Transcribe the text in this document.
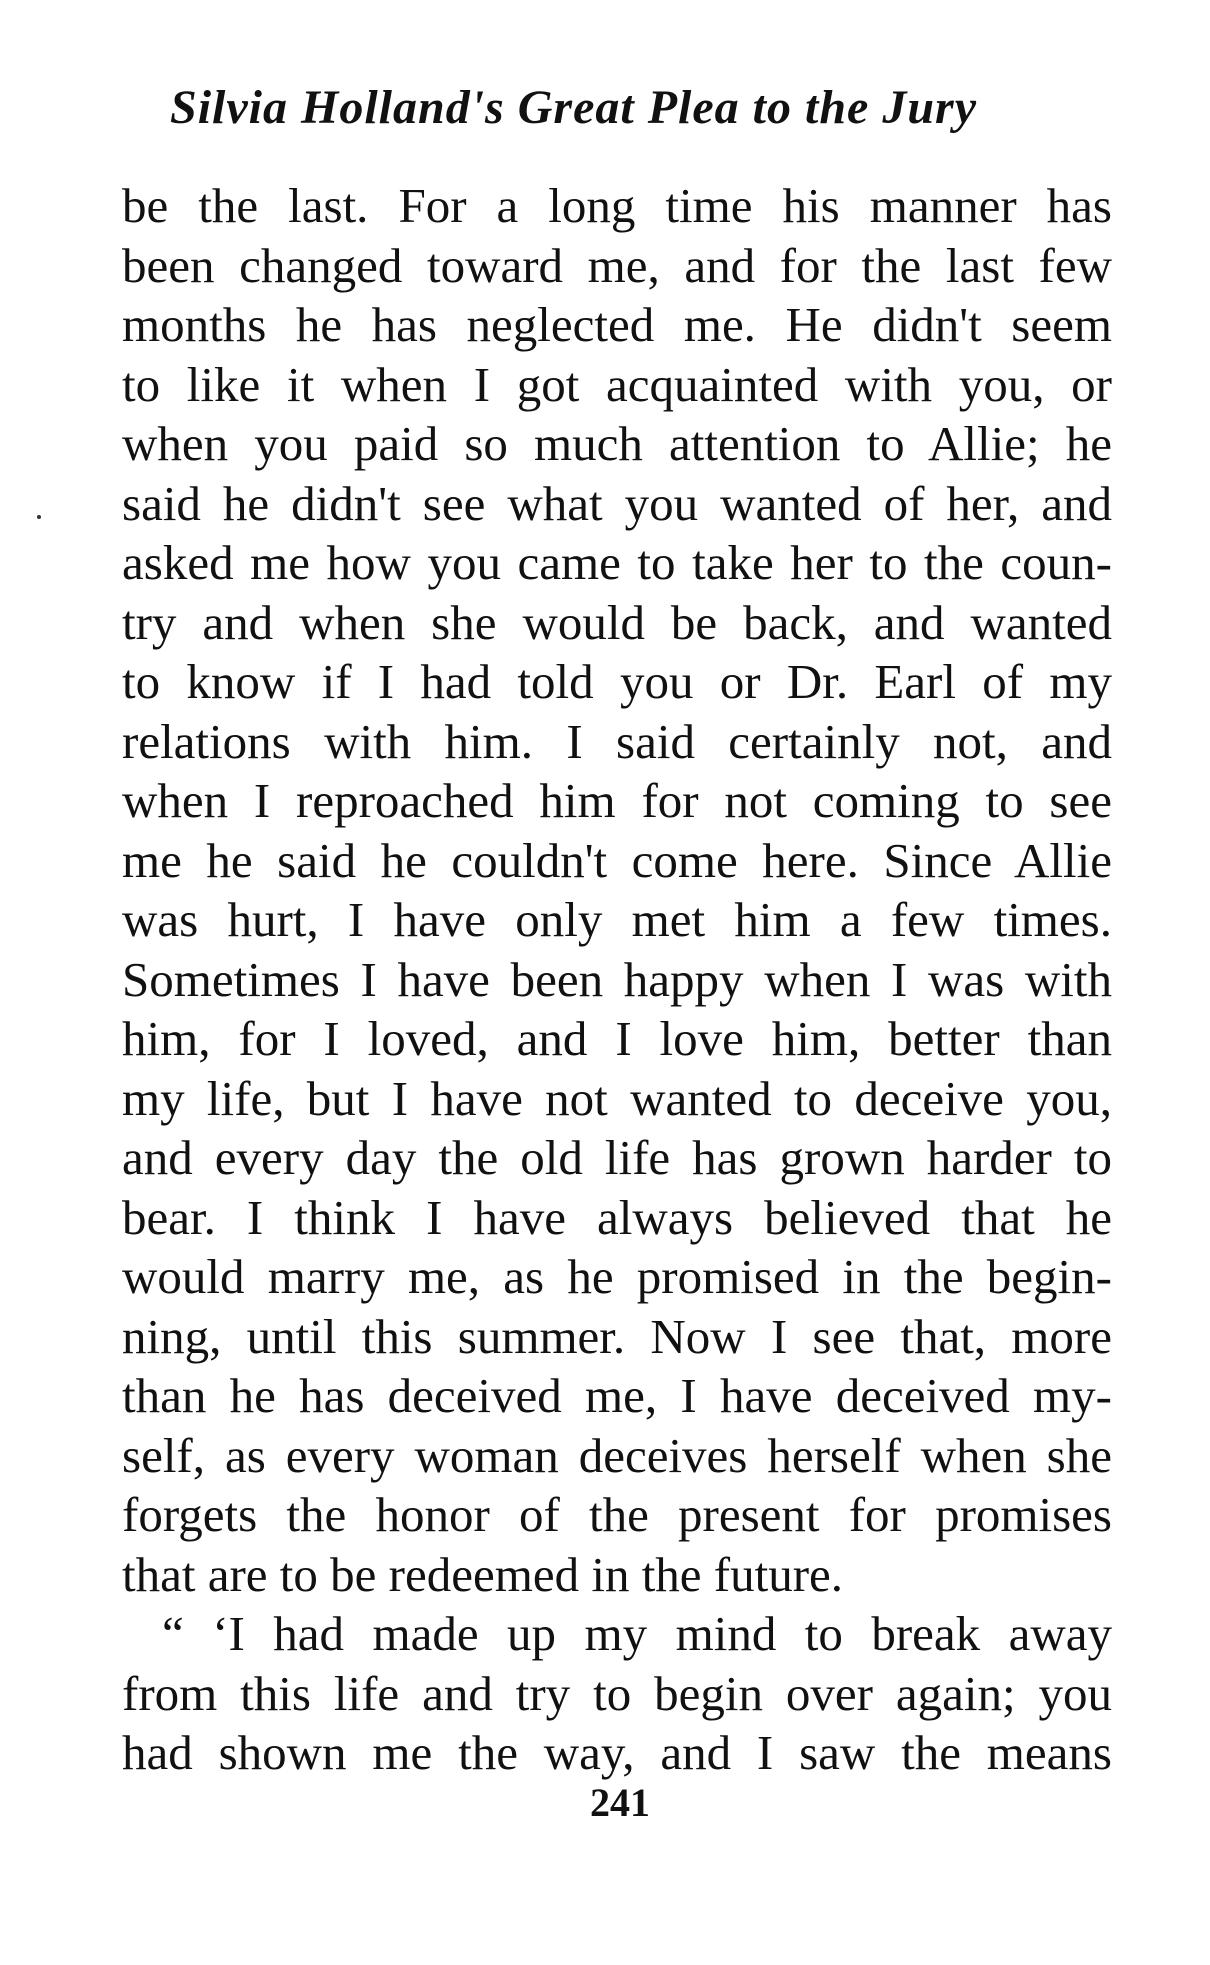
Silvia Holland's Great Plea to the Jury
be the last. For a long time his manner has
been changed toward me, and for the last few
months he has neglected me. He didn't seem
to like it when I got acquainted with you, or
when you paid so much attention to Allie; he
said he didn't see what you wanted of her, and
asked me how you came to take her to the coun-
try and when she would be back, and wanted
to know if I had told you or Dr. Earl of my
relations with him. I said certainly not, and
when I reproached him for not coming to see
me he said he couldn't come here. Since Allie
was hurt, I have only met him a few times.
Sometimes I have been happy when I was with
him, for I loved, and I love him, better than
my life, but I have not wanted to deceive you,
and every day the old life has grown harder to
bear. I think I have always believed that he
would marry me, as he promised in the begin-
ning, until this summer. Now I see that, more
than he has deceived me, I have deceived my-
self, as every woman deceives herself when she
forgets the honor of the present for promises
that are to be redeemed in the future.
“ ‘I had made up my mind to break away
from this life and try to begin over again; you
had shown me the way, and I saw the means
241
